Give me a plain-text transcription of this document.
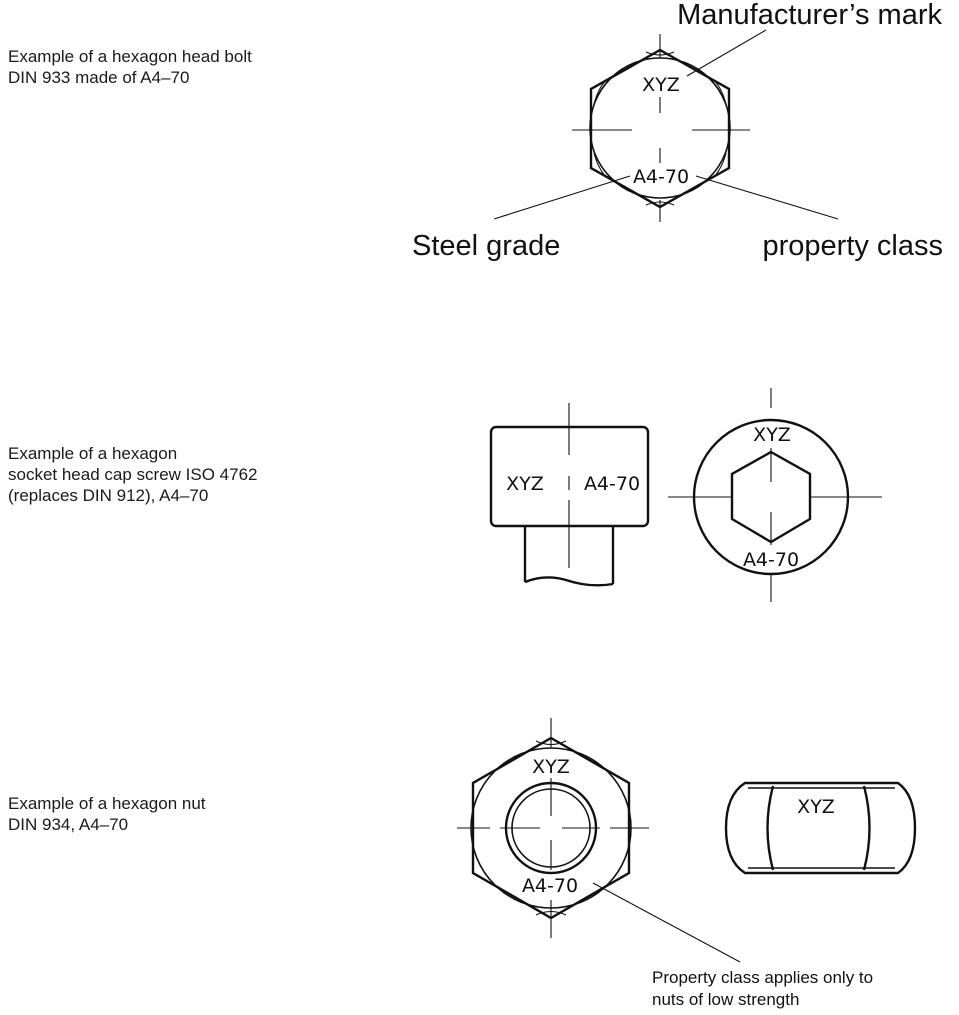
Example of a hexagon head bolt
DIN 933 made of A4–70
Example of a hexagon
socket head cap screw ISO 4762
(replaces DIN 912), A4–70
Example of a hexagon nut
DIN 934, A4–70
XYZ
A4-70
Manufacturer’s mark
Steel grade	property class
XYZ A4-70
XYZ
A4-70
XYZ
A4-70
Property class applies only to
nuts of low strength
XYZ
